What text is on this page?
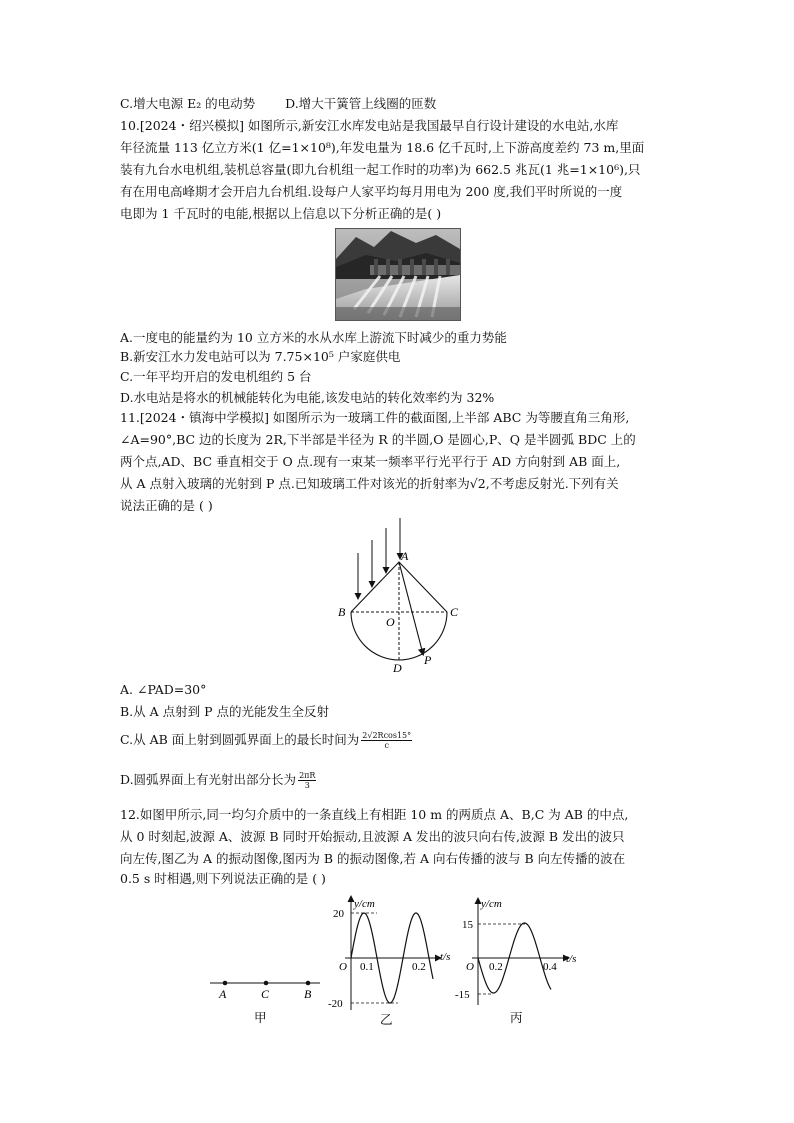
C.增大电源 E₂ 的电动势 D.增大干簧管上线圈的匝数
10.[2024・绍兴模拟] 如图所示,新安江水库发电站是我国最早自行设计建设的水电站,水库
年径流量 113 亿立方米(1 亿=1×10⁸),年发电量为 18.6 亿千瓦时,上下游高度差约 73 m,里面
装有九台水电机组,装机总容量(即九台机组一起工作时的功率)为 662.5 兆瓦(1 兆=1×10⁶),只
有在用电高峰期才会开启九台机组.设每户人家平均每月用电为 200 度,我们平时所说的一度
电即为 1 千瓦时的电能,根据以上信息以下分析正确的是( )
A.一度电的能量约为 10 立方米的水从水库上游流下时减少的重力势能
B.新安江水力发电站可以为 7.75×10⁵ 户家庭供电
C.一年平均开启的发电机组约 5 台
D.水电站是将水的机械能转化为电能,该发电站的转化效率约为 32%
11.[2024・镇海中学模拟] 如图所示为一玻璃工件的截面图,上半部 ABC 为等腰直角三角形,
∠A=90°,BC 边的长度为 2R,下半部是半径为 R 的半圆,O 是圆心,P、Q 是半圆弧 BDC 上的
两个点,AD、BC 垂直相交于 O 点.现有一束某一频率平行光平行于 AD 方向射到 AB 面上,
从 A 点射入玻璃的光射到 P 点.已知玻璃工件对该光的折射率为√2,不考虑反射光.下列有关
说法正确的是 ( )
A
B	C
O
D
P
A. ∠PAD=30°
B.从 A 点射到 P 点的光能发生全反射
C.从 AB 面上射到圆弧界面上的最长时间为 $\frac{2√2Rcos15^\circ}{c}$
D.圆弧界面上有光射出部分长为 $\frac{2\pi R}{3}$
12.如图甲所示,同一均匀介质中的一条直线上有相距 10 m 的两质点 A、B,C 为 AB 的中点,
从 0 时刻起,波源 A、波源 B 同时开始振动,且波源 A 发出的波只向右传,波源 B 发出的波只
向左传,图乙为 A 的振动图像,图丙为 B 的振动图像,若 A 向右传播的波与 B 向左传播的波在
0.5 s 时相遇,则下列说法正确的是 ( )
A	C	B
甲
y/cm
t/s
O
20
-20
0.1	0.2
乙
y/cm
t/s
O
15
-15
0.2	0.4
丙
